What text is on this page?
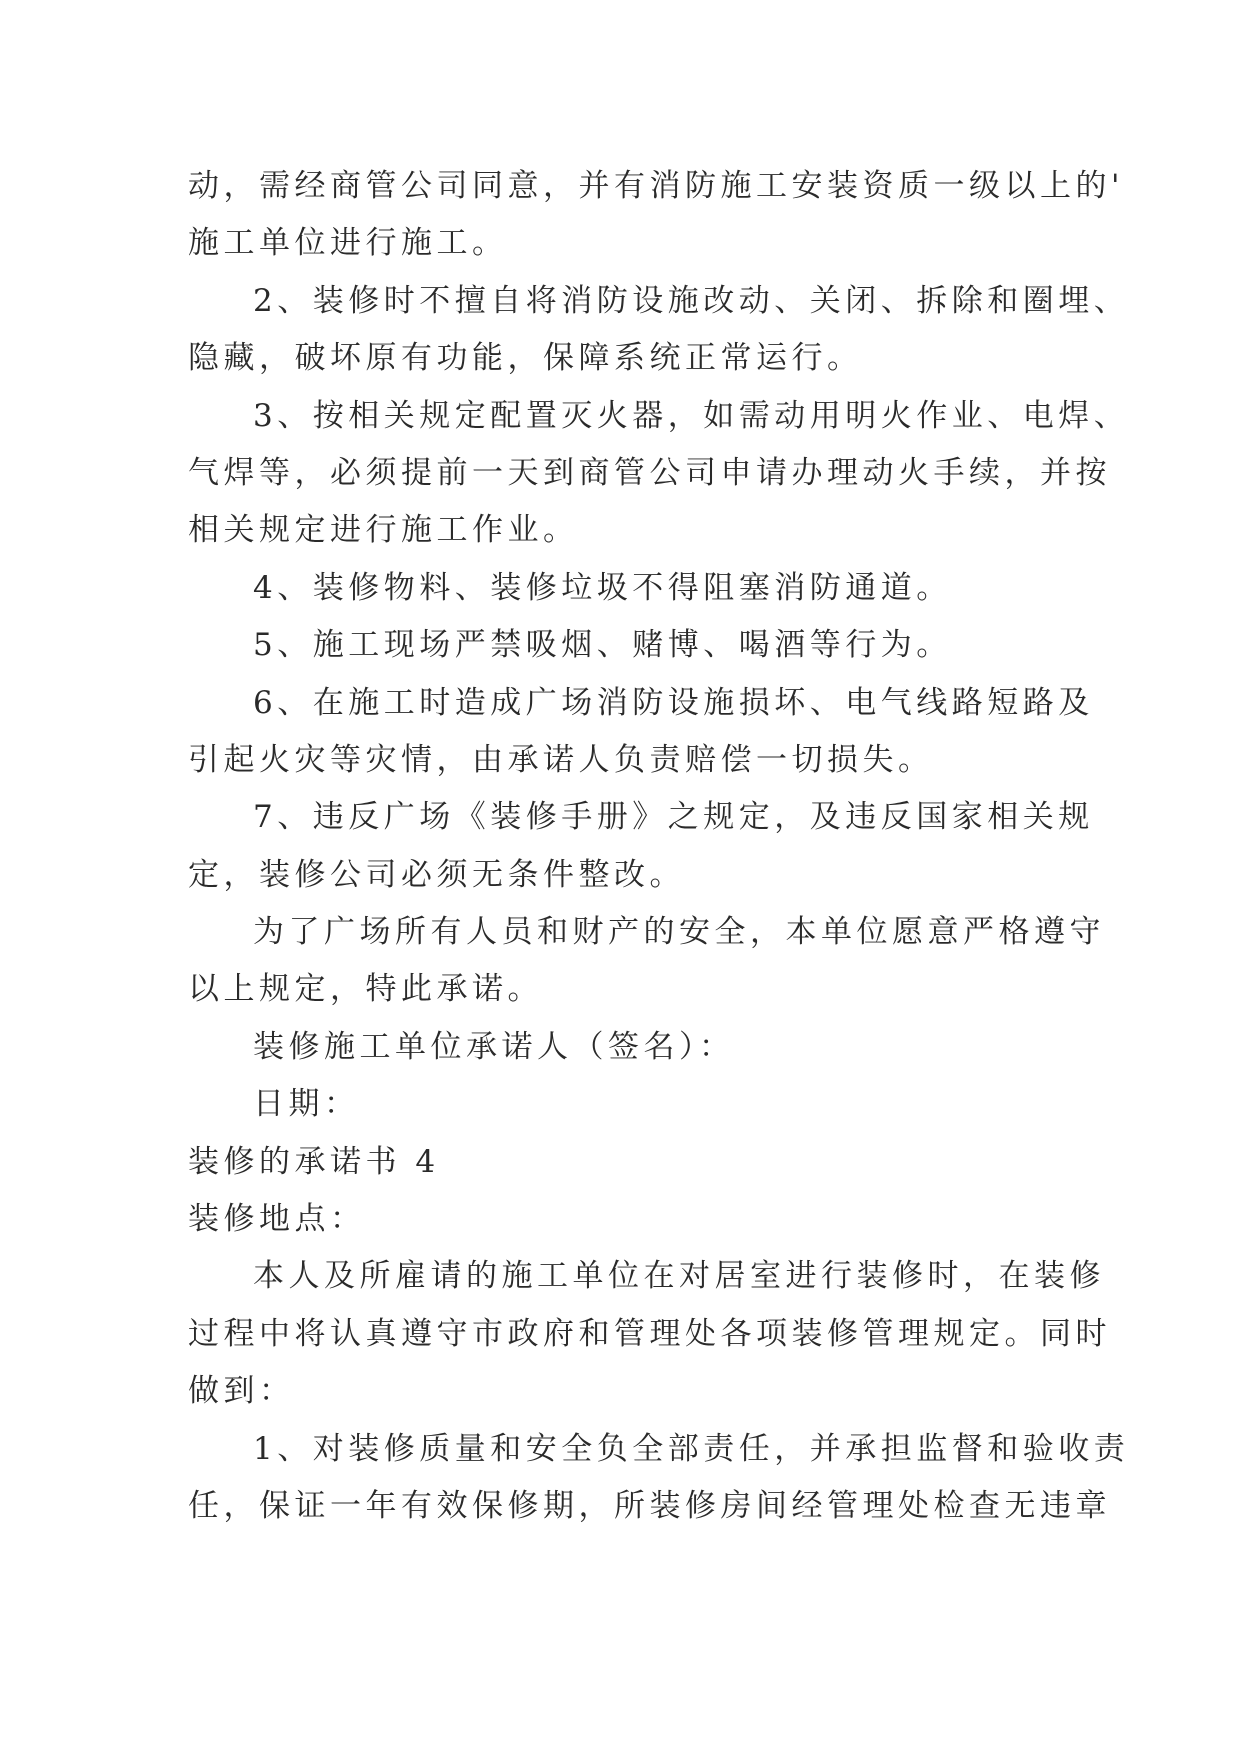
动，需经商管公司同意，并有消防施工安装资质一级以上的'
施工单位进行施工。
2、装修时不擅自将消防设施改动、关闭、拆除和圈埋、
隐藏，破坏原有功能，保障系统正常运行。
3、按相关规定配置灭火器，如需动用明火作业、电焊、
气焊等，必须提前一天到商管公司申请办理动火手续，并按
相关规定进行施工作业。
4、装修物料、装修垃圾不得阻塞消防通道。
5、施工现场严禁吸烟、赌博、喝酒等行为。
6、在施工时造成广场消防设施损坏、电气线路短路及
引起火灾等灾情，由承诺人负责赔偿一切损失。
7、违反广场《装修手册》之规定，及违反国家相关规
定，装修公司必须无条件整改。
为了广场所有人员和财产的安全，本单位愿意严格遵守
以上规定，特此承诺。
装修施工单位承诺人（签名）：
日期：
装修的承诺书 4
装修地点：
本人及所雇请的施工单位在对居室进行装修时，在装修
过程中将认真遵守市政府和管理处各项装修管理规定。同时
做到：
1、对装修质量和安全负全部责任，并承担监督和验收责
任，保证一年有效保修期，所装修房间经管理处检查无违章
